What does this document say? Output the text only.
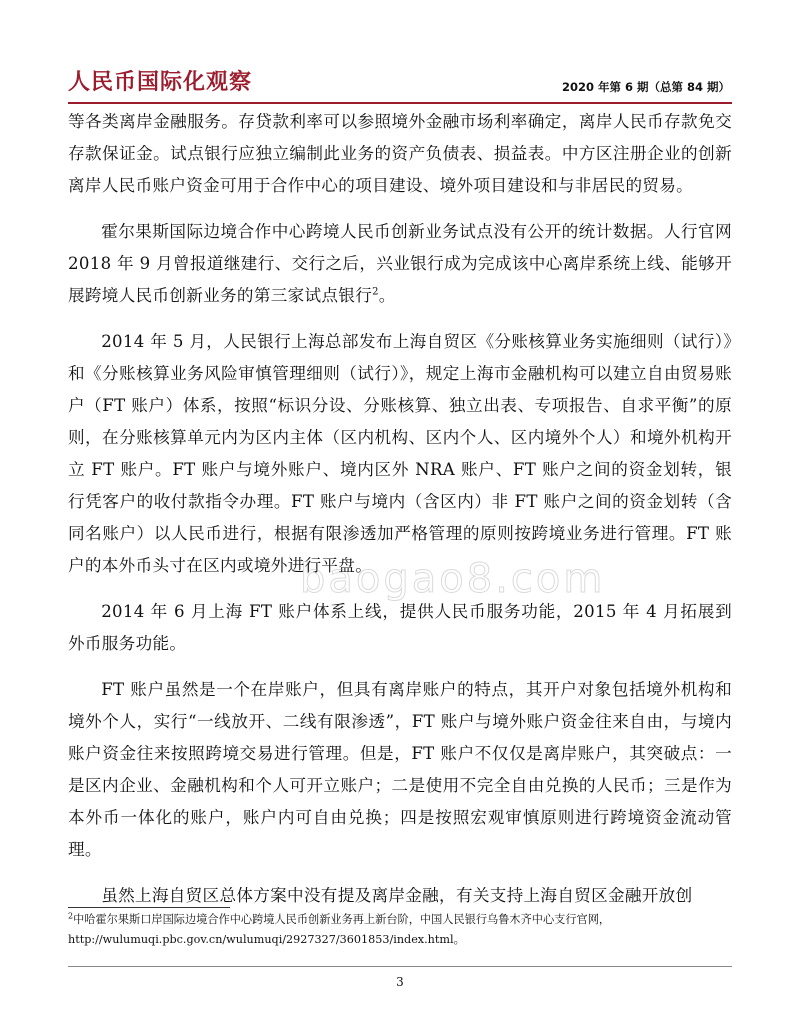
人民币国际化观察	2020 年第 6 期（总第 84 期）

等各类离岸金融服务。存贷款利率可以参照境外金融市场利率确定，离岸人民币存款免交存款保证金。试点银行应独立编制此业务的资产负债表、损益表。中方区注册企业的创新离岸人民币账户资金可用于合作中心的项目建设、境外项目建设和与非居民的贸易。

霍尔果斯国际边境合作中心跨境人民币创新业务试点没有公开的统计数据。人行官网 2018 年 9 月曾报道继建行、交行之后，兴业银行成为完成该中心离岸系统上线、能够开展跨境人民币创新业务的第三家试点银行$^2$。

2014 年 5 月，人民银行上海总部发布上海自贸区《分账核算业务实施细则（试行）》和《分账核算业务风险审慎管理细则（试行）》，规定上海市金融机构可以建立自由贸易账户（FT 账户）体系，按照“标识分设、分账核算、独立出表、专项报告、自求平衡”的原则，在分账核算单元内为区内主体（区内机构、区内个人、区内境外个人）和境外机构开立 FT 账户。FT 账户与境外账户、境内区外 NRA 账户、FT 账户之间的资金划转，银行凭客户的收付款指令办理。FT 账户与境内（含区内）非 FT 账户之间的资金划转（含同名账户）以人民币进行，根据有限渗透加严格管理的原则按跨境业务进行管理。FT 账户的本外币头寸在区内或境外进行平盘。

2014 年 6 月上海 FT 账户体系上线，提供人民币服务功能，2015 年 4 月拓展到外币服务功能。

FT 账户虽然是一个在岸账户，但具有离岸账户的特点，其开户对象包括境外机构和境外个人，实行“一线放开、二线有限渗透”，FT 账户与境外账户资金往来自由，与境内账户资金往来按照跨境交易进行管理。但是，FT 账户不仅仅是离岸账户，其突破点：一是区内企业、金融机构和个人可开立账户；二是使用不完全自由兑换的人民币；三是作为本外币一体化的账户，账户内可自由兑换；四是按照宏观审慎原则进行跨境资金流动管理。

虽然上海自贸区总体方案中没有提及离岸金融，有关支持上海自贸区金融开放创

baogao8.com
$^2$中哈霍尔果斯口岸国际边境合作中心跨境人民币创新业务再上新台阶，中国人民银行乌鲁木齐中心支行官网，http://wulumuqi.pbc.gov.cn/wulumuqi/2927327/3601853/index.html。
3
